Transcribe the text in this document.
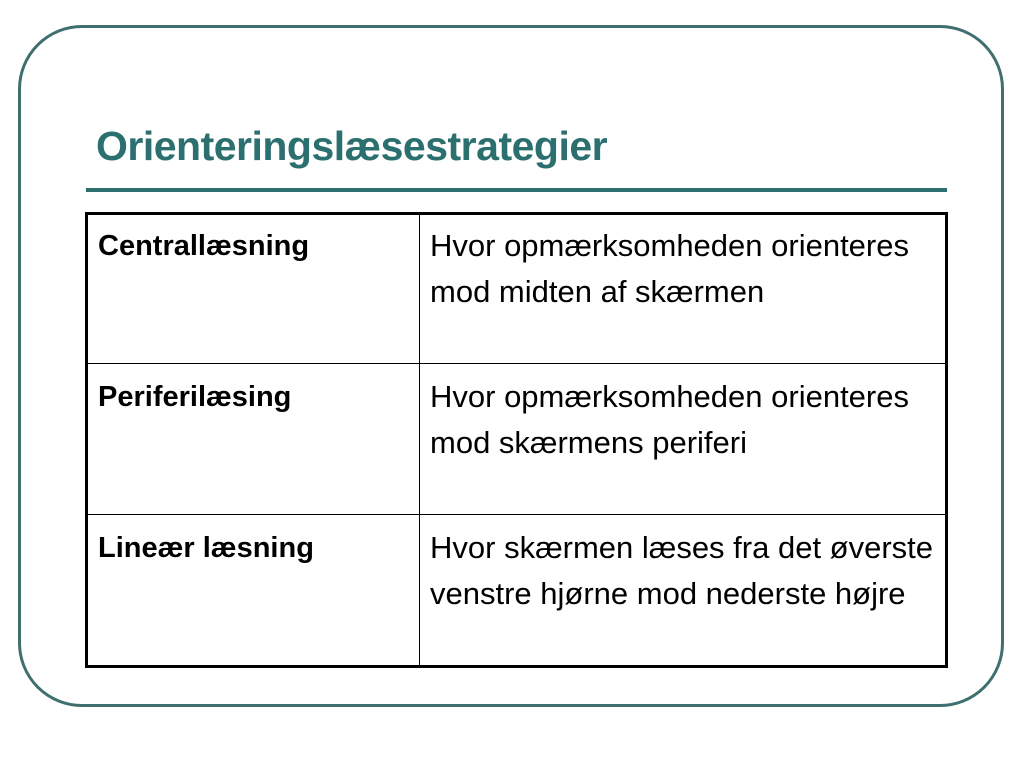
Orienteringslæsestrategier
Centrallæsning	Hvor opmærksomheden orienteres mod midten af skærmen
Periferilæsing	Hvor opmærksomheden orienteres mod skærmens periferi
Lineær læsning	Hvor skærmen læses fra det øverste venstre hjørne mod nederste højre
